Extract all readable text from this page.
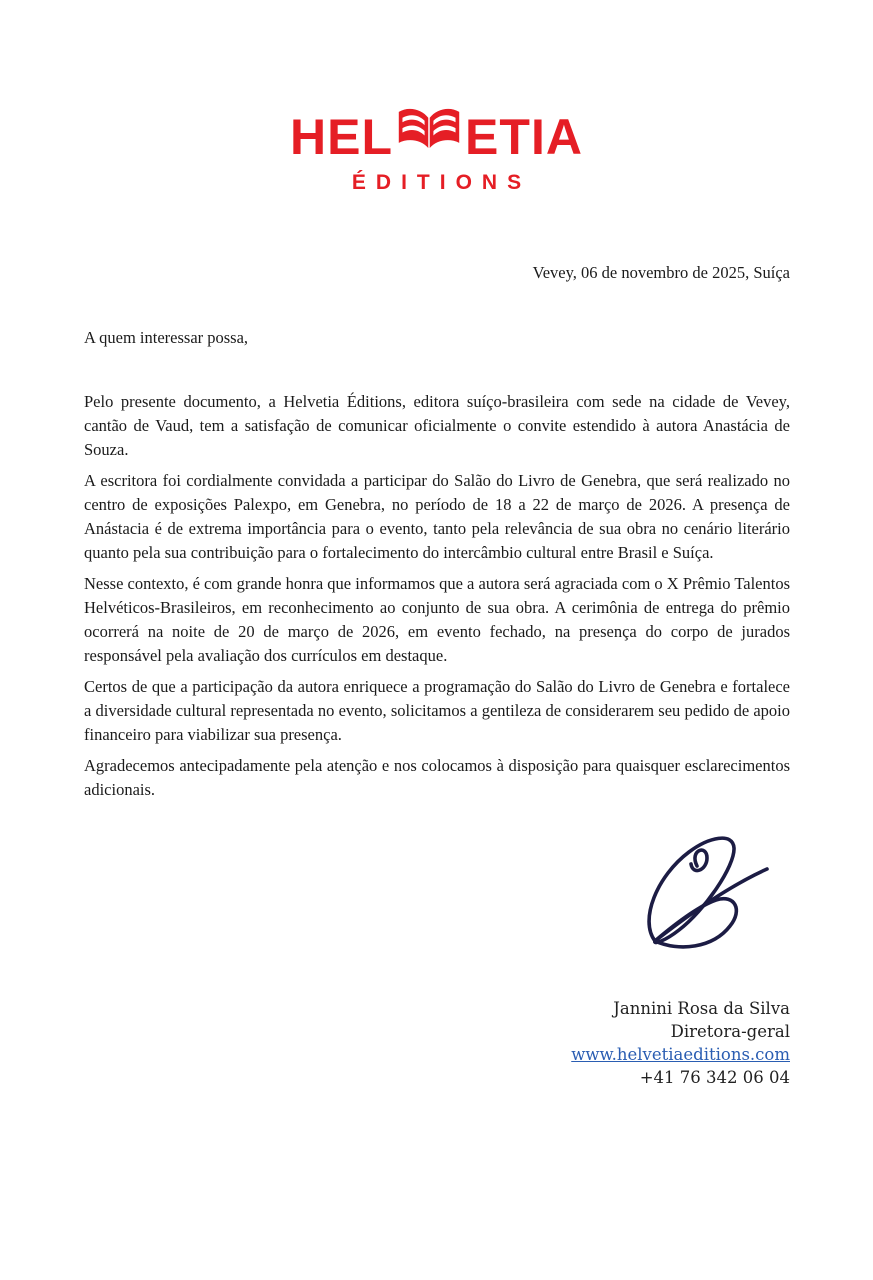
HEL ETIA
ÉDITIONS
Vevey, 06 de novembro de 2025, Suíça
A quem interessar possa,

Pelo presente documento, a Helvetia Éditions, editora suíço-brasileira com sede na cidade de Vevey, cantão de Vaud, tem a satisfação de comunicar oficialmente o convite estendido à autora Anastácia de Souza.

A escritora foi cordialmente convidada a participar do Salão do Livro de Genebra, que será realizado no centro de exposições Palexpo, em Genebra, no período de 18 a 22 de março de 2026. A presença de Anástacia é de extrema importância para o evento, tanto pela relevância de sua obra no cenário literário quanto pela sua contribuição para o fortalecimento do intercâmbio cultural entre Brasil e Suíça.

Nesse contexto, é com grande honra que informamos que a autora será agraciada com o X Prêmio Talentos Helvéticos-Brasileiros, em reconhecimento ao conjunto de sua obra. A cerimônia de entrega do prêmio ocorrerá na noite de 20 de março de 2026, em evento fechado, na presença do corpo de jurados responsável pela avaliação dos currículos em destaque.

Certos de que a participação da autora enriquece a programação do Salão do Livro de Genebra e fortalece a diversidade cultural representada no evento, solicitamos a gentileza de considerarem seu pedido de apoio financeiro para viabilizar sua presença.

Agradecemos antecipadamente pela atenção e nos colocamos à disposição para quaisquer esclarecimentos adicionais.

Jannini Rosa da Silva
Diretora-geral
www.helvetiaeditions.com
+41 76 342 06 04
